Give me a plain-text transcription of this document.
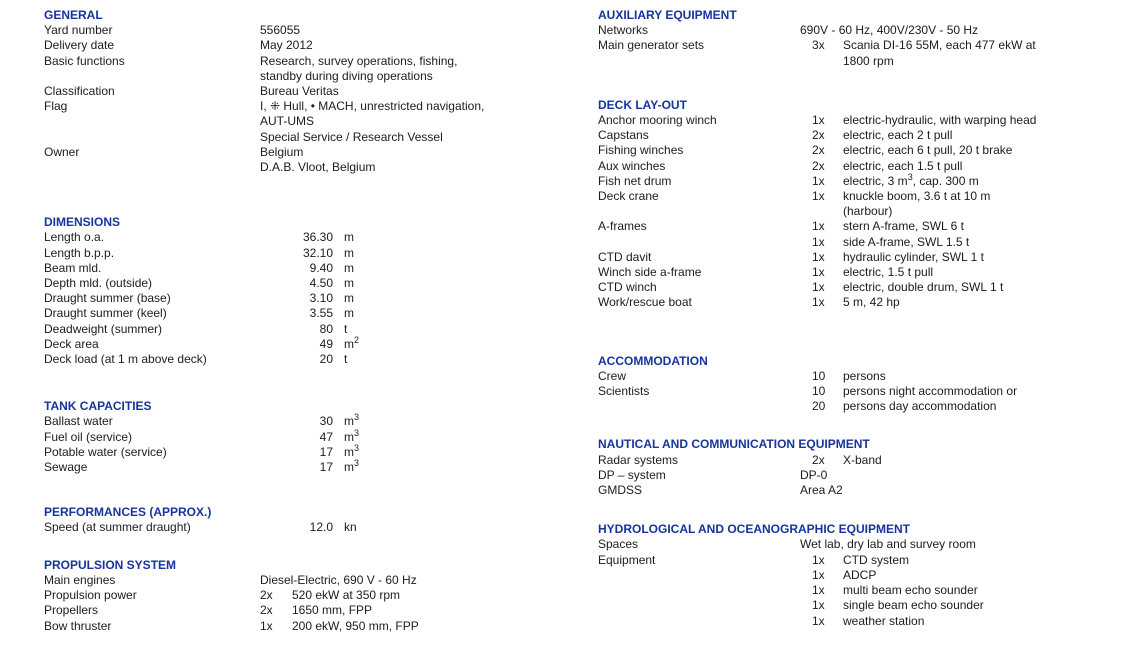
GENERAL
Yard number	556055
Delivery date	May 2012
Basic functions	Research, survey operations, fishing,
standby during diving operations
Classification	Bureau Veritas
Flag	I, ⁜ Hull, • MACH, unrestricted navigation,
AUT-UMS
Special Service / Research Vessel
Owner	Belgium
D.A.B. Vloot, Belgium
DIMENSIONS
Length o.a.	36.30 m
Length b.p.p.	32.10 m
Beam mld.	9.40 m
Depth mld. (outside)	4.50 m
Draught summer (base)	3.10 m
Draught summer (keel)	3.55 m
Deadweight (summer)	80 t
Deck area	49 $m^2$
Deck load (at 1 m above deck)	20 t
TANK CAPACITIES
Ballast water	30 $m^3$
Fuel oil (service)	47 $m^3$
Potable water (service)	17 $m^3$
Sewage	17 $m^3$
PERFORMANCES (APPROX.)
Speed (at summer draught)	12.0 kn
PROPULSION SYSTEM
Main engines	Diesel-Electric, 690 V - 60 Hz
Propulsion power	2x	520 ekW at 350 rpm
Propellers	2x	1650 mm, FPP
Bow thruster	1x	200 ekW, 950 mm, FPP
AUXILIARY EQUIPMENT
Networks	690V - 60 Hz, 400V/230V - 50 Hz
Main generator sets	3x	Scania DI-16 55M, each 477 ekW at
1800 rpm
DECK LAY-OUT
Anchor mooring winch	1x	electric-hydraulic, with warping head
Capstans	2x	electric, each 2 t pull
Fishing winches	2x	electric, each 6 t pull, 20 t brake
Aux winches	2x	electric, each 1.5 t pull
Fish net drum	1x	electric, 3 $m^3$, cap. 300 m
Deck crane	1x	knuckle boom, 3.6 t at 10 m
(harbour)
A-frames	1x	stern A-frame, SWL 6 t
1x	side A-frame, SWL 1.5 t
CTD davit	1x	hydraulic cylinder, SWL 1 t
Winch side a-frame	1x	electric, 1.5 t pull
CTD winch	1x	electric, double drum, SWL 1 t
Work/rescue boat	1x	5 m, 42 hp
ACCOMMODATION
Crew	10	persons
Scientists	10	persons night accommodation or
20	persons day accommodation
NAUTICAL AND COMMUNICATION EQUIPMENT
Radar systems	2x	X-band
DP – system	DP-0
GMDSS	Area A2
HYDROLOGICAL AND OCEANOGRAPHIC EQUIPMENT
Spaces	Wet lab, dry lab and survey room
Equipment	1x	CTD system
1x	ADCP
1x	multi beam echo sounder
1x	single beam echo sounder
1x	weather station
